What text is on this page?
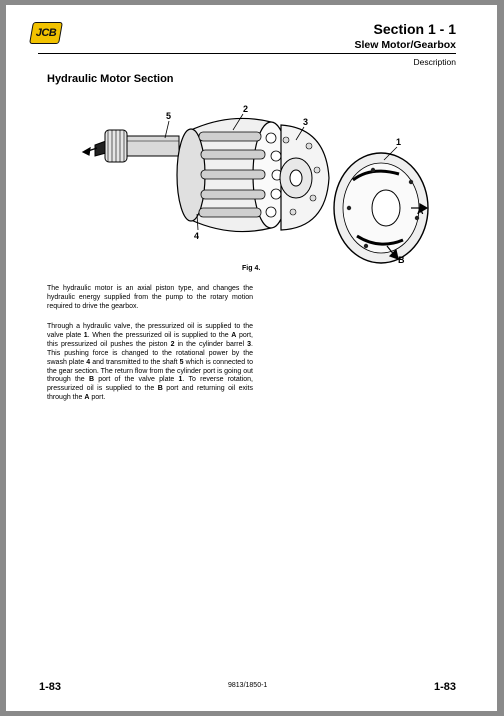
JCB	Section 1 - 1
Slew Motor/Gearbox
Description
Hydraulic Motor Section
5
2
3
1
4
A
B
Fig 4.

The hydraulic motor is an axial piston type, and changes the hydraulic energy supplied from the pump to the rotary motion required to drive the gearbox.

Through a hydraulic valve, the pressurized oil is supplied to the valve plate 1. When the pressurized oil is supplied to the A port, this pressurized oil pushes the piston 2 in the cylinder barrel 3. This pushing force is changed to the rotational power by the swash plate 4 and transmitted to the shaft 5 which is connected to the gear section. The return flow from the cylinder port is going out through the B port of the valve plate 1. To reverse rotation, pressurized oil is supplied to the B port and returning oil exits through the A port.

1-83	9813/1850-1	1-83
